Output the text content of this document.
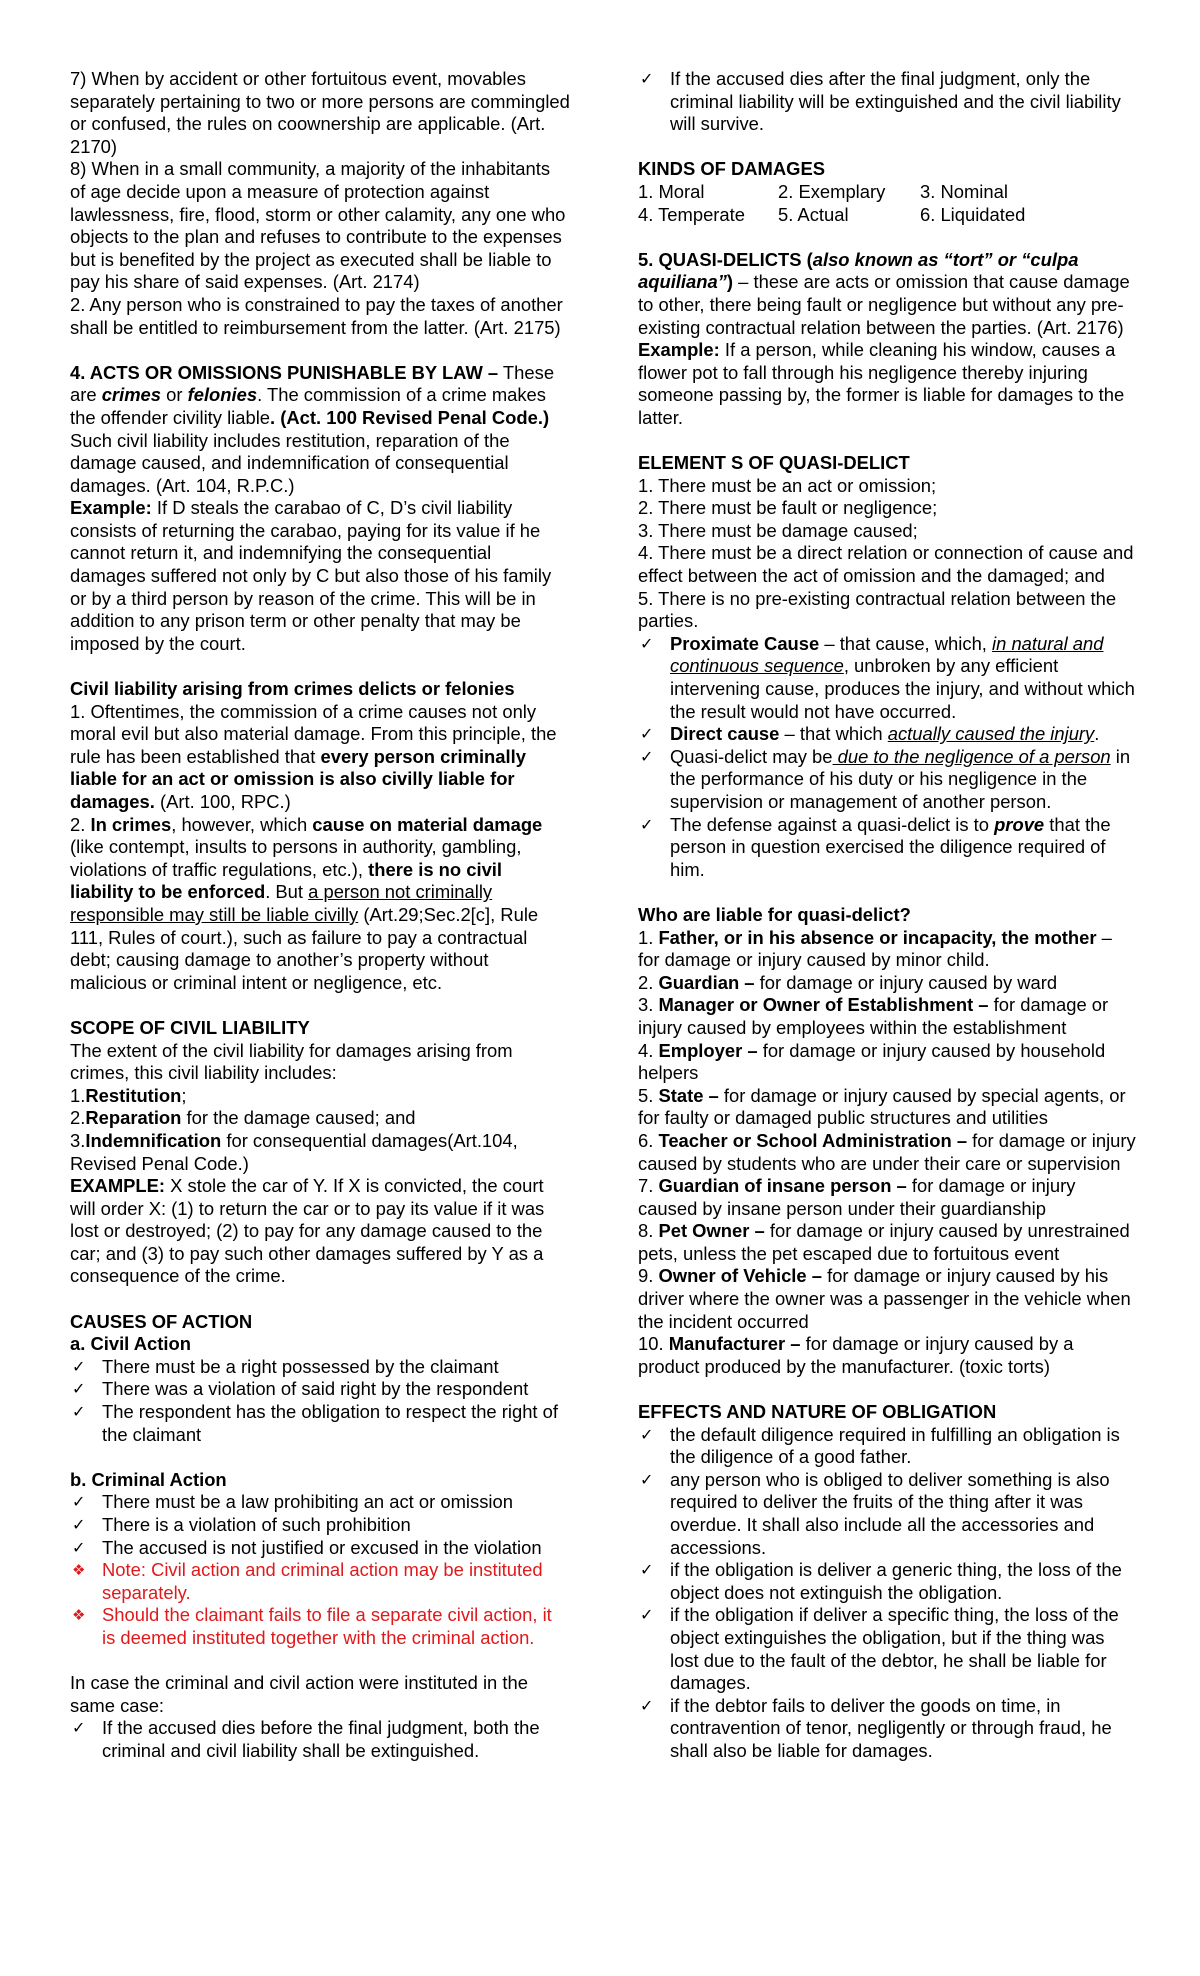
7) When by accident or other fortuitous event, movables separately pertaining to two or more persons are commingled or confused, the rules on coownership are applicable. (Art. 2170)

8) When in a small community, a majority of the inhabitants of age decide upon a measure of protection against lawlessness, fire, flood, storm or other calamity, any one who objects to the plan and refuses to contribute to the expenses but is benefited by the project as executed shall be liable to pay his share of said expenses. (Art. 2174)

2. Any person who is constrained to pay the taxes of another shall be entitled to reimbursement from the latter. (Art. 2175)

4. ACTS OR OMISSIONS PUNISHABLE BY LAW – These are crimes or felonies. The commission of a crime makes the offender civility liable. (Act. 100 Revised Penal Code.) Such civil liability includes restitution, reparation of the damage caused, and indemnification of consequential damages. (Art. 104, R.P.C.)

Example: If D steals the carabao of C, D’s civil liability consists of returning the carabao, paying for its value if he cannot return it, and indemnifying the consequential damages suffered not only by C but also those of his family or by a third person by reason of the crime. This will be in addition to any prison term or other penalty that may be imposed by the court.

Civil liability arising from crimes delicts or felonies

1. Oftentimes, the commission of a crime causes not only moral evil but also material damage. From this principle, the rule has been established that every person criminally liable for an act or omission is also civilly liable for damages. (Art. 100, RPC.)

2. In crimes, however, which cause on material damage (like contempt, insults to persons in authority, gambling, violations of traffic regulations, etc.), there is no civil liability to be enforced. But a person not criminally responsible may still be liable civilly (Art.29;Sec.2[c], Rule 111, Rules of court.), such as failure to pay a contractual debt; causing damage to another’s property without malicious or criminal intent or negligence, etc.

SCOPE OF CIVIL LIABILITY

The extent of the civil liability for damages arising from crimes, this civil liability includes:

1.Restitution;

2.Reparation for the damage caused; and

3.Indemnification for consequential damages(Art.104, Revised Penal Code.)

EXAMPLE: X stole the car of Y. If X is convicted, the court will order X: (1) to return the car or to pay its value if it was lost or destroyed; (2) to pay for any damage caused to the car; and (3) to pay such other damages suffered by Y as a consequence of the crime.

CAUSES OF ACTION

a. Civil Action

✓ There must be a right possessed by the claimant

✓ There was a violation of said right by the respondent

✓ The respondent has the obligation to respect the right of the claimant

b. Criminal Action

✓ There must be a law prohibiting an act or omission

✓ There is a violation of such prohibition

✓ The accused is not justified or excused in the violation

❖ Note: Civil action and criminal action may be instituted separately.

❖ Should the claimant fails to file a separate civil action, it is deemed instituted together with the criminal action.

In case the criminal and civil action were instituted in the same case:

✓ If the accused dies before the final judgment, both the criminal and civil liability shall be extinguished.

✓ If the accused dies after the final judgment, only the criminal liability will be extinguished and the civil liability will survive.

KINDS OF DAMAGES

1. Moral	2. Exemplary	3. Nominal
4. Temperate	5. Actual	6. Liquidated

5. QUASI-DELICTS (also known as “tort” or “culpa aquiliana”) – these are acts or omission that cause damage to other, there being fault or negligence but without any pre-existing contractual relation between the parties. (Art. 2176)

Example: If a person, while cleaning his window, causes a flower pot to fall through his negligence thereby injuring someone passing by, the former is liable for damages to the latter.

ELEMENT S OF QUASI-DELICT

1. There must be an act or omission;

2. There must be fault or negligence;

3. There must be damage caused;

4. There must be a direct relation or connection of cause and effect between the act of omission and the damaged; and

5. There is no pre-existing contractual relation between the parties.

✓ Proximate Cause – that cause, which, in natural and continuous sequence, unbroken by any efficient intervening cause, produces the injury, and without which the result would not have occurred.

✓ Direct cause – that which actually caused the injury.

✓ Quasi-delict may be due to the negligence of a person in the performance of his duty or his negligence in the supervision or management of another person.

✓ The defense against a quasi-delict is to prove that the person in question exercised the diligence required of him.

Who are liable for quasi-delict?

1. Father, or in his absence or incapacity, the mother – for damage or injury caused by minor child.

2. Guardian – for damage or injury caused by ward

3. Manager or Owner of Establishment – for damage or injury caused by employees within the establishment

4. Employer – for damage or injury caused by household helpers

5. State – for damage or injury caused by special agents, or for faulty or damaged public structures and utilities

6. Teacher or School Administration – for damage or injury caused by students who are under their care or supervision

7. Guardian of insane person – for damage or injury caused by insane person under their guardianship

8. Pet Owner – for damage or injury caused by unrestrained pets, unless the pet escaped due to fortuitous event

9. Owner of Vehicle – for damage or injury caused by his driver where the owner was a passenger in the vehicle when the incident occurred

10. Manufacturer – for damage or injury caused by a product produced by the manufacturer. (toxic torts)

EFFECTS AND NATURE OF OBLIGATION

✓ the default diligence required in fulfilling an obligation is the diligence of a good father.

✓ any person who is obliged to deliver something is also required to deliver the fruits of the thing after it was overdue. It shall also include all the accessories and accessions.

✓ if the obligation is deliver a generic thing, the loss of the object does not extinguish the obligation.

✓ if the obligation if deliver a specific thing, the loss of the object extinguishes the obligation, but if the thing was lost due to the fault of the debtor, he shall be liable for damages.

✓ if the debtor fails to deliver the goods on time, in contravention of tenor, negligently or through fraud, he shall also be liable for damages.
